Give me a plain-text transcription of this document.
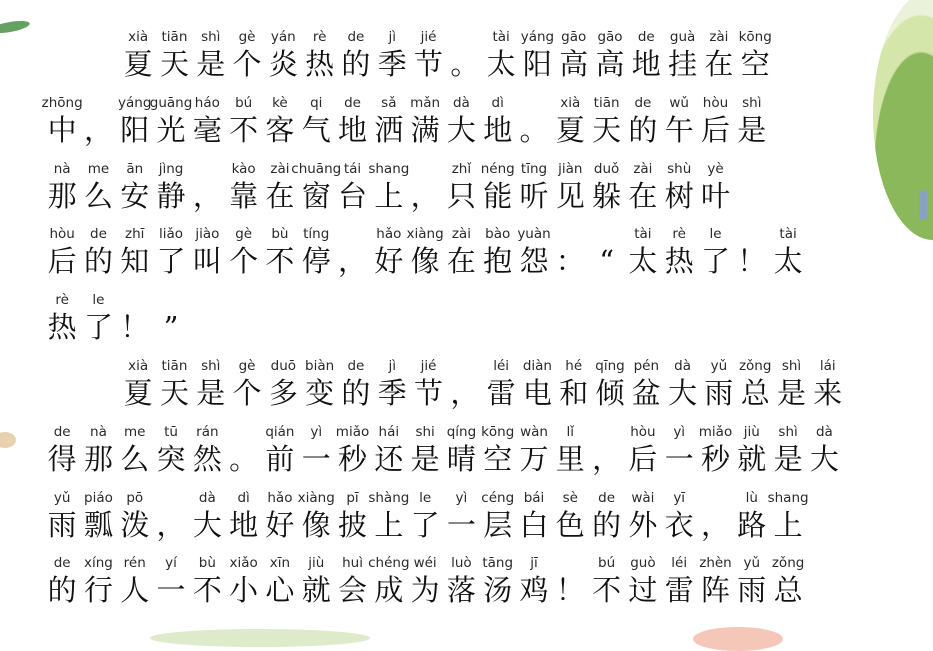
xià
夏
tiān
天
shì
是
gè
个
yán
炎
rè
热
de
的
jì
季
jié
节 。
tài
太
yáng
阳
gāo
高
gāo
高
de
地
guà
挂
zài
在
kōng
空
zhōng
中 ，
yáng
阳
guāng
光
háo
毫
bú
不
kè
客
qi
气
de
地
sǎ
洒
mǎn
满
dà
大
dì
地 。
xià
夏
tiān
天
de
的
wǔ
午
hòu
后
shì
是
nà
那
me
么
ān
安
jìng
静 ，
kào
靠
zài
在
chuāng
窗
tái
台
shang
上 ，
zhǐ
只
néng
能
tīng
听
jiàn
见
duǒ
躲
zài
在
shù
树
yè
叶
hòu
后
de
的
zhī
知
liǎo
了
jiào
叫
gè
个
bù
不
tíng
停 ，
hǎo
好
xiàng
像
zài
在
bào
抱
yuàn
怨 ： “
tài
太
rè
热
le
了 ！
tài
太
rè
热
le
了 ！ ”
xià
夏
tiān
天
shì
是
gè
个
duō
多
biàn
变
de
的
jì
季
jié
节 ，
léi
雷
diàn
电
hé
和
qīng
倾
pén
盆
dà
大
yǔ
雨
zǒng
总
shì
是
lái
来
de
得
nà
那
me
么
tū
突
rán
然 。
qián
前
yì
一
miǎo
秒
hái
还
shi
是
qíng
晴
kōng
空
wàn
万
lǐ
里 ，
hòu
后
yì
一
miǎo
秒
jiù
就
shì
是
dà
大
yǔ
雨
piáo
瓢
pō
泼 ，
dà
大
dì
地
hǎo
好
xiàng
像
pī
披
shàng
上
le
了
yì
一
céng
层
bái
白
sè
色
de
的
wài
外
yī
衣 ，
lù
路
shang
上
de
的
xíng
行
rén
人
yí
一
bù
不
xiǎo
小
xīn
心
jiù
就
huì
会
chéng
成
wéi
为
luò
落
tāng
汤
jī
鸡 ！
bú
不
guò
过
léi
雷
zhèn
阵
yǔ
雨
zǒng
总
